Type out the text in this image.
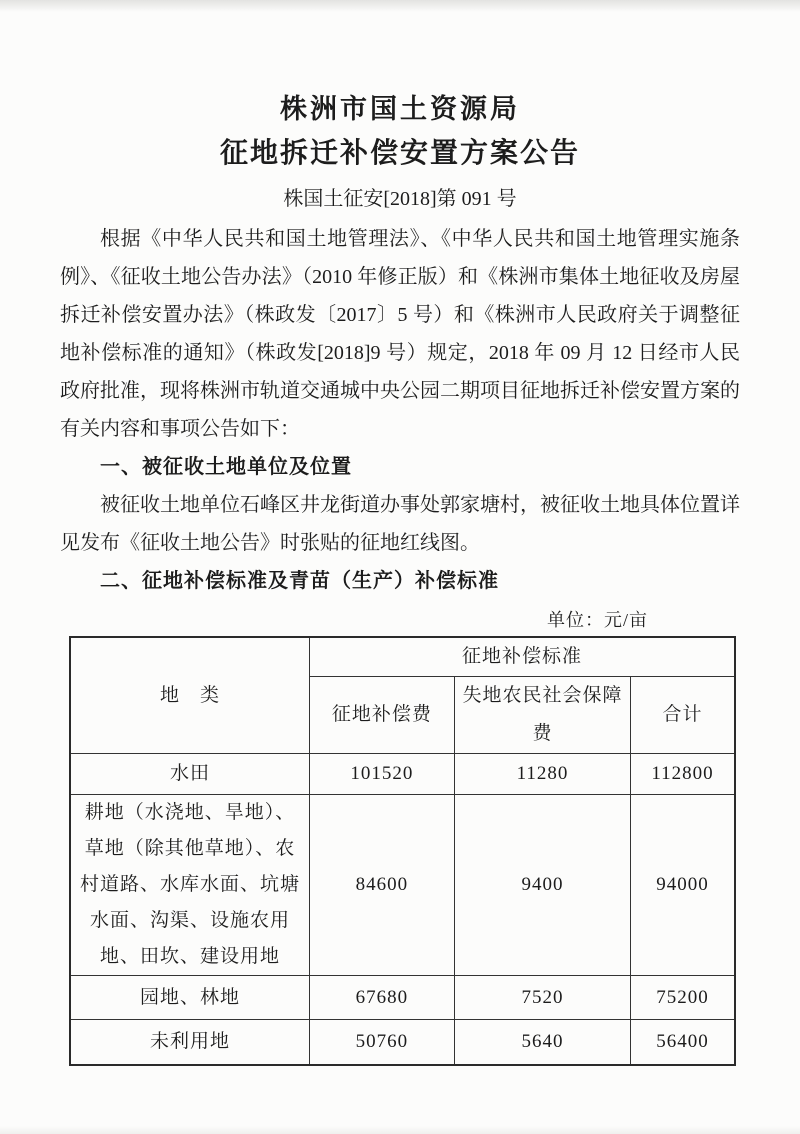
株洲市国土资源局
征地拆迁补偿安置方案公告
株国土征安[2018]第 091 号

根据《中华人民共和国土地管理法》、《中华人民共和国土地管理实施条例》、《征收土地公告办法》（2010 年修正版）和《株洲市集体土地征收及房屋拆迁补偿安置办法》（株政发〔2017〕5 号）和《株洲市人民政府关于调整征地补偿标准的通知》（株政发[2018]9 号）规定，2018 年 09 月 12 日经市人民政府批准，现将株洲市轨道交通城中央公园二期项目征地拆迁补偿安置方案的有关内容和事项公告如下：

一、被征收土地单位及位置

被征收土地单位石峰区井龙街道办事处郭家塘村，被征收土地具体位置详见发布《征收土地公告》时张贴的征地红线图。

二、征地补偿标准及青苗（生产）补偿标准

单位：元/亩
地　类	征地补偿标准		
	征地补偿费	失地农民社会保障费	合计
水田	101520	11280	112800
耕地（水浇地、旱地）、草地（除其他草地）、农村道路、水库水面、坑塘水面、沟渠、设施农用地、田坎、建设用地	84600	9400	94000
园地、林地	67680	7520	75200
未利用地	50760	5640	56400
